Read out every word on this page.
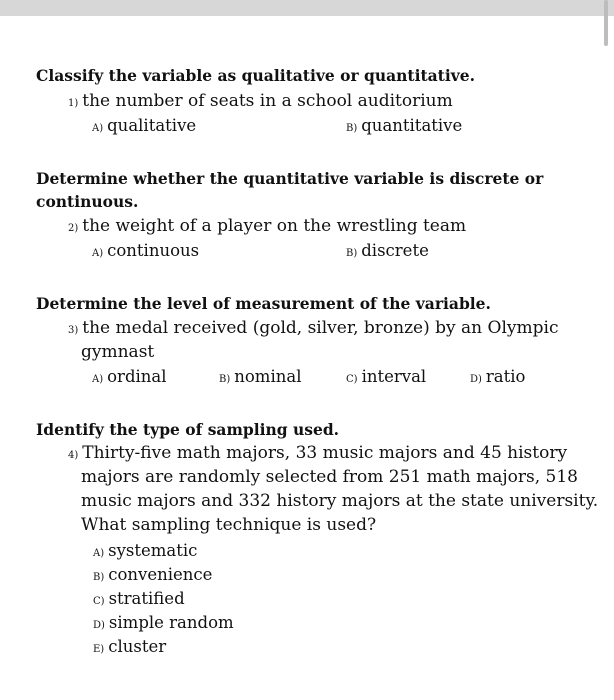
Classify the variable as qualitative or quantitative.
1) the number of seats in a school auditorium
A) qualitative	B) quantitative
Determine whether the quantitative variable is discrete or
continuous.
2) the weight of a player on the wrestling team
A) continuous	B) discrete
Determine the level of measurement of the variable.
3) the medal received (gold, silver, bronze) by an Olympic
gymnast
A) ordinal	B) nominal	C) interval	D) ratio
Identify the type of sampling used.
4) Thirty-five math majors, 33 music majors and 45 history
majors are randomly selected from 251 math majors, 518
music majors and 332 history majors at the state university.
What sampling technique is used?
A) systematic
B) convenience
C) stratified
D) simple random
E) cluster
